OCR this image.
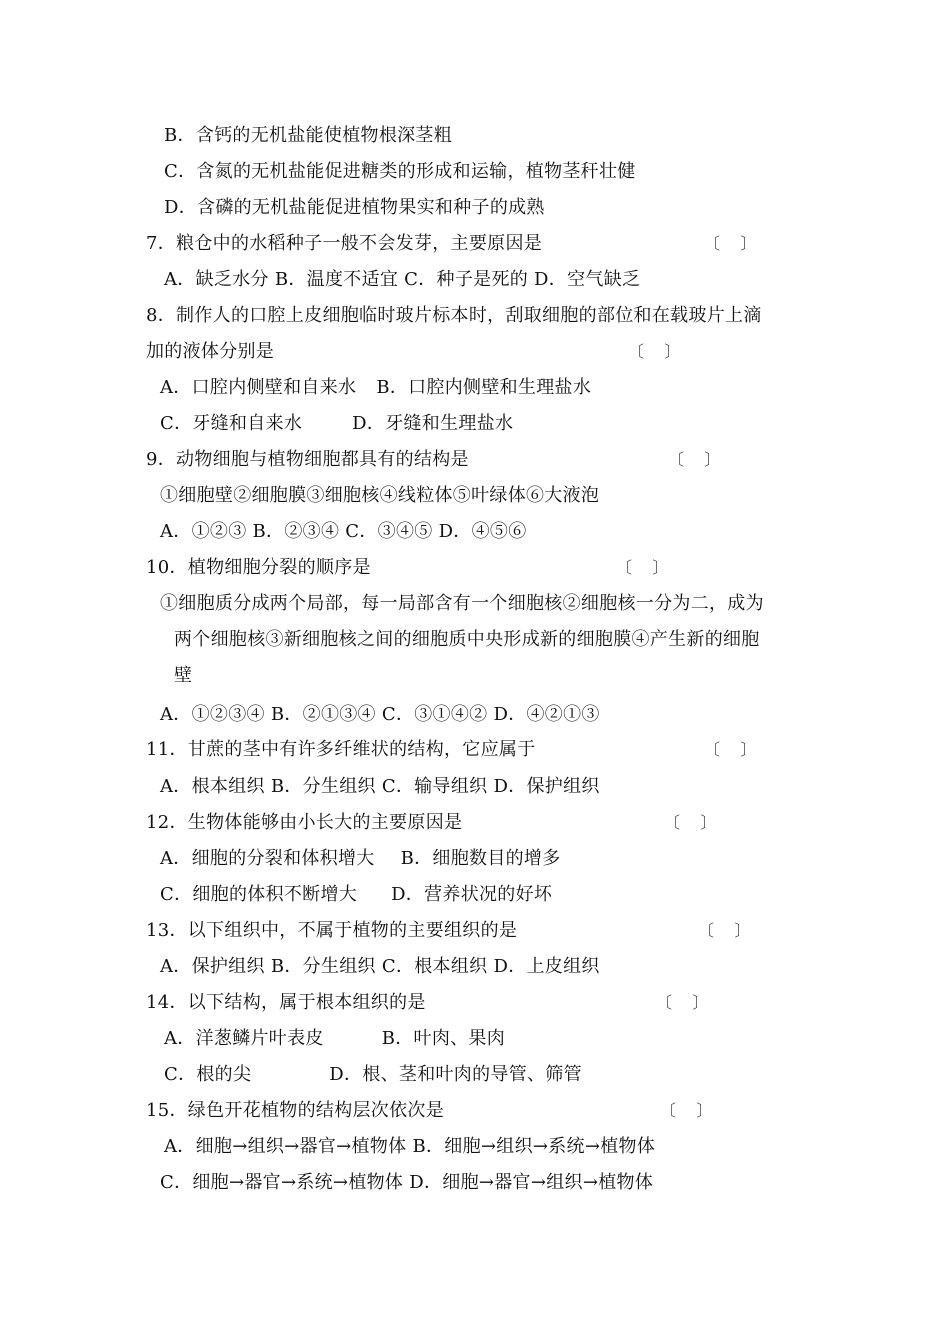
B．含钙的无机盐能使植物根深茎粗
C．含氮的无机盐能促进糖类的形成和运输，植物茎秆壮健
D．含磷的无机盐能促进植物果实和种子的成熟
7．粮仓中的水稻种子一般不会发芽，主要原因是	〔    〕
A．缺乏水分 B．温度不适宜 C．种子是死的 D．空气缺乏
8．制作人的口腔上皮细胞临时玻片标本时，刮取细胞的部位和在载玻片上滴
加的液体分别是	〔    〕
A．口腔内侧壁和自来水 B．口腔内侧壁和生理盐水
C．牙缝和自来水	D．牙缝和生理盐水
9．动物细胞与植物细胞都具有的结构是	〔    〕
①细胞壁②细胞膜③细胞核④线粒体⑤叶绿体⑥大液泡
A．①②③ B．②③④ C．③④⑤ D．④⑤⑥
10．植物细胞分裂的顺序是	〔    〕
①细胞质分成两个局部，每一局部含有一个细胞核②细胞核一分为二，成为
两个细胞核③新细胞核之间的细胞质中央形成新的细胞膜④产生新的细胞
壁
A．①②③④ B．②①③④ C．③①④② D．④②①③
11．甘蔗的茎中有许多纤维状的结构，它应属于	〔    〕
A．根本组织 B．分生组织 C．输导组织 D．保护组织
12．生物体能够由小长大的主要原因是	〔    〕
A．细胞的分裂和体积增大 B．细胞数目的增多
C．细胞的体积不断增大 D．营养状况的好坏
13．以下组织中，不属于植物的主要组织的是	〔    〕
A．保护组织 B．分生组织 C．根本组织 D．上皮组织
14．以下结构，属于根本组织的是	〔    〕
A．洋葱鳞片叶表皮	B．叶肉、果肉
C．根的尖	D．根、茎和叶肉的导管、筛管
15．绿色开花植物的结构层次依次是	〔    〕
A．细胞→组织→器官→植物体 B．细胞→组织→系统→植物体
C．细胞→器官→系统→植物体 D．细胞→器官→组织→植物体
